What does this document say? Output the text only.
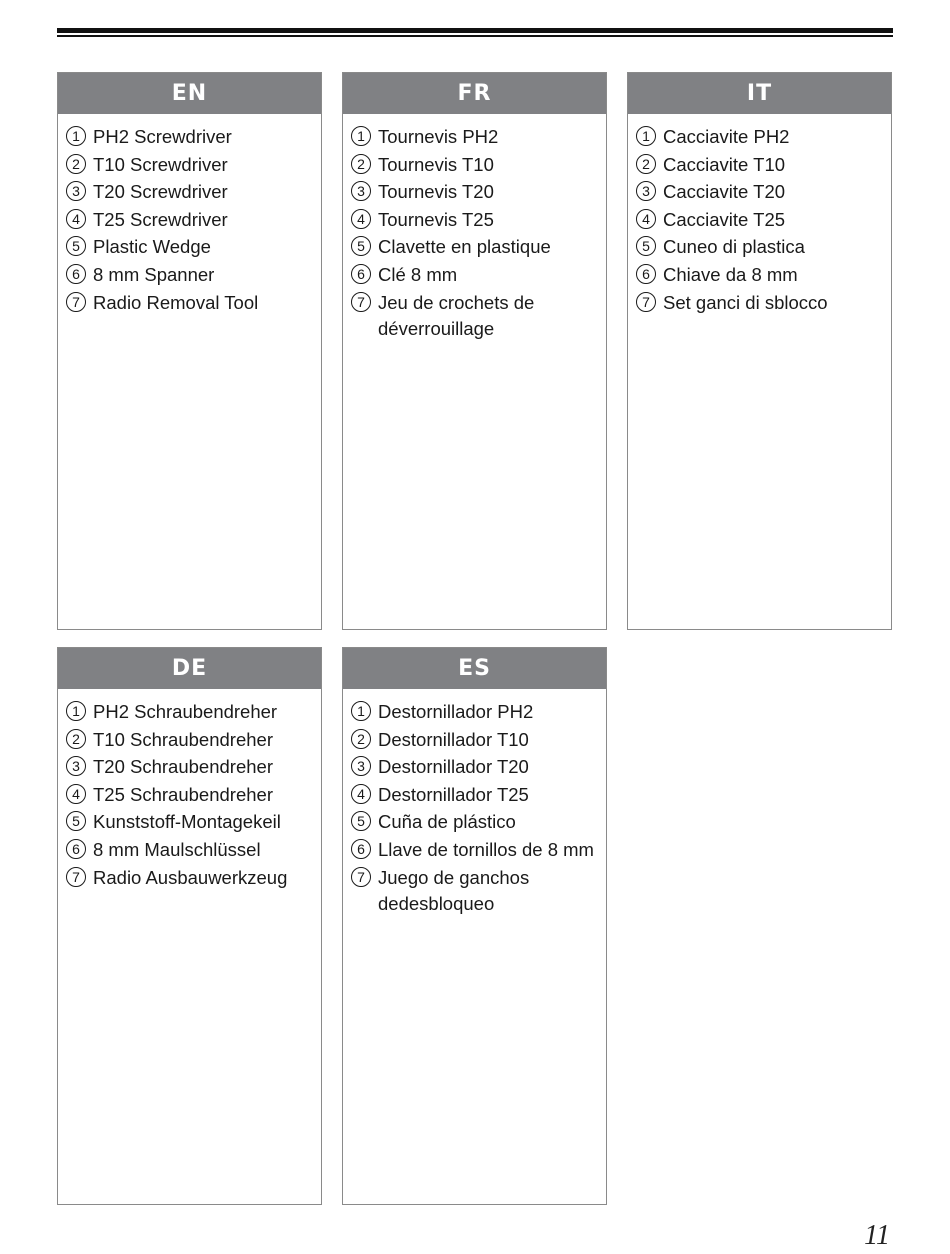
EN
1 PH2 Screwdriver
2 T10 Screwdriver
3 T20 Screwdriver
4 T25 Screwdriver
5 Plastic Wedge
6 8 mm Spanner
7 Radio Removal Tool
FR
1 Tournevis PH2
2 Tournevis T10
3 Tournevis T20
4 Tournevis T25
5 Clavette en plastique
6 Clé 8 mm
7 Jeu de crochets de déverrouillage
IT
1 Cacciavite PH2
2 Cacciavite T10
3 Cacciavite T20
4 Cacciavite T25
5 Cuneo di plastica
6 Chiave da 8 mm
7 Set ganci di sblocco
DE
1 PH2 Schraubendreher
2 T10 Schraubendreher
3 T20 Schraubendreher
4 T25 Schraubendreher
5 Kunststoff-Montagekeil
6 8 mm Maulschlüssel
7 Radio Ausbauwerkzeug
ES
1 Destornillador PH2
2 Destornillador T10
3 Destornillador T20
4 Destornillador T25
5 Cuña de plástico
6 Llave de tornillos de 8 mm
7 Juego de ganchos dedesbloqueo
11
